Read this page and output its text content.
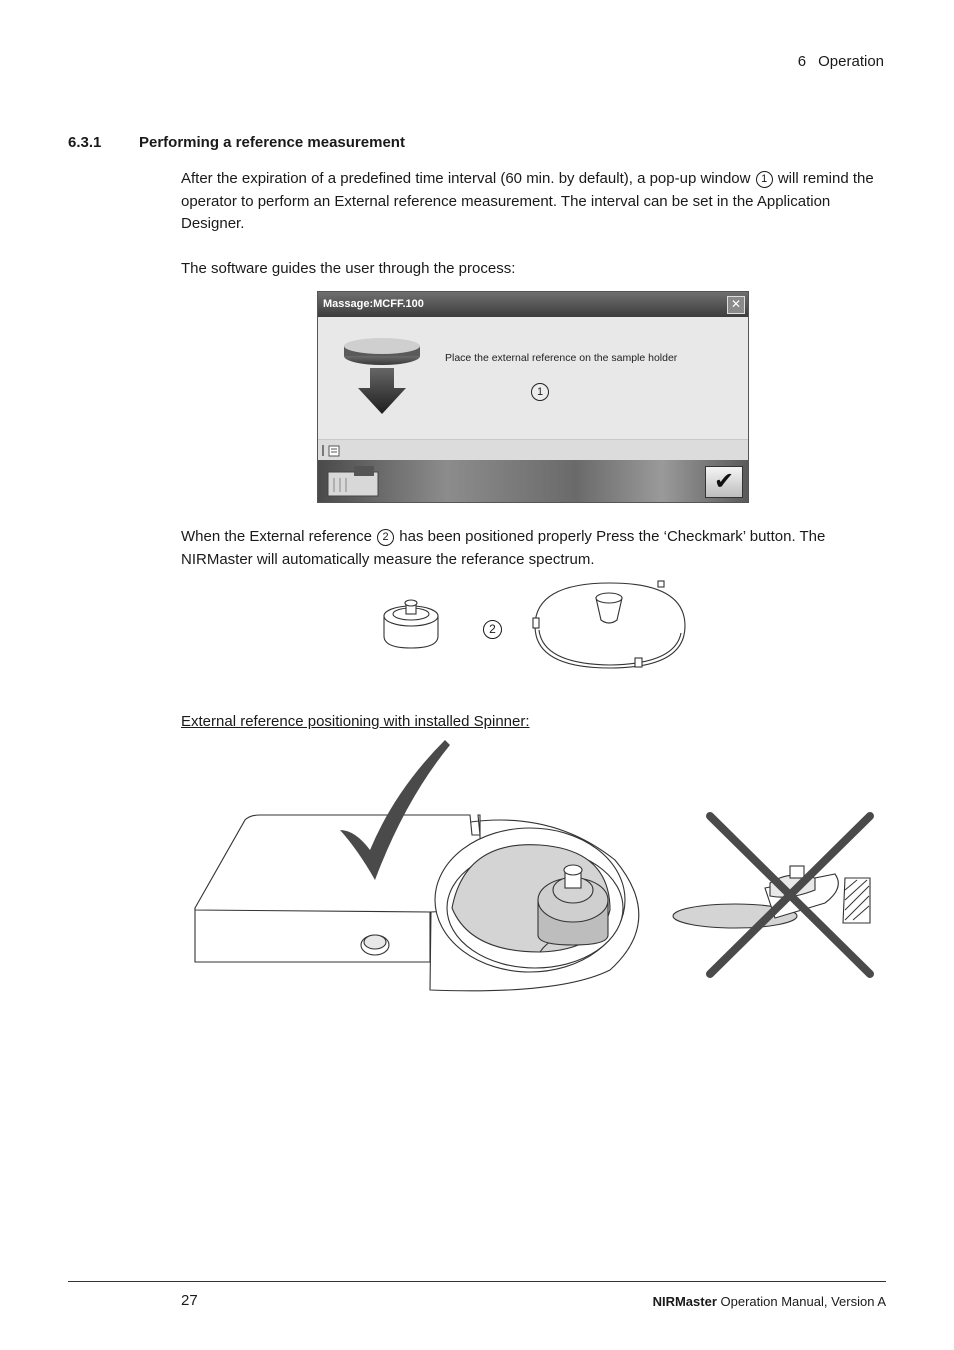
6 Operation
6.3.1	Performing a reference measurement
After the expiration of a predefined time interval (60 min. by default), a pop-up window 1 will remind the operator to perform an External reference measurement. The interval can be set in the Application Designer.
The software guides the user through the process:
Massage:MCFF.100	✕
Place the external reference on the sample holder
1
✔
When the External reference 2 has been positioned properly Press the ‘Checkmark’ button. The NIRMaster will automatically measure the referance spectrum.
2
External reference positioning with installed Spinner:
27	NIRMaster Operation Manual, Version A
